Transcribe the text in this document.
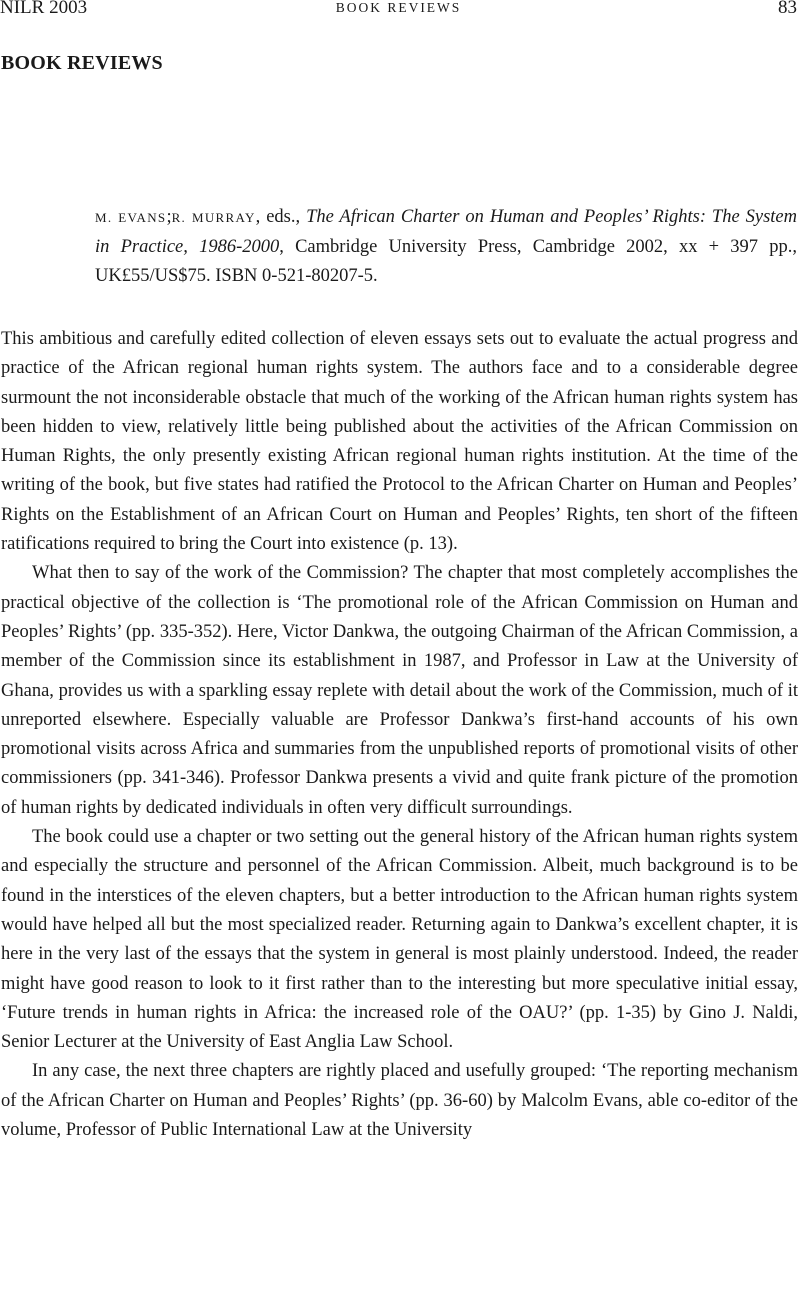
NILR 2003	BOOK REVIEWS	83
BOOK REVIEWS
M. EVANS;R. MURRAY, eds., The African Charter on Human and Peoples’ Rights: The System in Practice, 1986-2000, Cambridge University Press, Cambridge 2002, xx + 397 pp., UK£55/US$75. ISBN 0-521-80207-5.

This ambitious and carefully edited collection of eleven essays sets out to evaluate the actual progress and practice of the African regional human rights system. The authors face and to a considerable degree surmount the not inconsiderable obstacle that much of the working of the African human rights system has been hidden to view, relatively little being published about the activities of the African Commission on Human Rights, the only presently existing African regional human rights institution. At the time of the writing of the book, but five states had ratified the Protocol to the African Charter on Human and Peoples’ Rights on the Establishment of an African Court on Human and Peoples’ Rights, ten short of the fifteen ratifications required to bring the Court into existence (p. 13).

What then to say of the work of the Commission? The chapter that most completely accomplishes the practical objective of the collection is ‘The promotional role of the African Commission on Human and Peoples’ Rights’ (pp. 335-352). Here, Victor Dankwa, the outgoing Chairman of the African Commission, a member of the Commission since its establishment in 1987, and Professor in Law at the University of Ghana, provides us with a sparkling essay replete with detail about the work of the Commission, much of it unreported elsewhere. Especially valuable are Professor Dankwa’s first-hand accounts of his own promotional visits across Africa and summaries from the unpublished reports of promotional visits of other commissioners (pp. 341-346). Professor Dankwa presents a vivid and quite frank picture of the promotion of human rights by dedicated individuals in often very difficult surroundings.

The book could use a chapter or two setting out the general history of the African human rights system and especially the structure and personnel of the African Commission. Albeit, much background is to be found in the interstices of the eleven chapters, but a better introduction to the African human rights system would have helped all but the most specialized reader. Returning again to Dankwa’s excellent chapter, it is here in the very last of the essays that the system in general is most plainly understood. Indeed, the reader might have good reason to look to it first rather than to the interesting but more speculative initial essay, ‘Future trends in human rights in Africa: the increased role of the OAU?’ (pp. 1-35) by Gino J. Naldi, Senior Lecturer at the University of East Anglia Law School.

In any case, the next three chapters are rightly placed and usefully grouped: ‘The reporting mechanism of the African Charter on Human and Peoples’ Rights’ (pp. 36-60) by Malcolm Evans, able co-editor of the volume, Professor of Public International Law at the University
